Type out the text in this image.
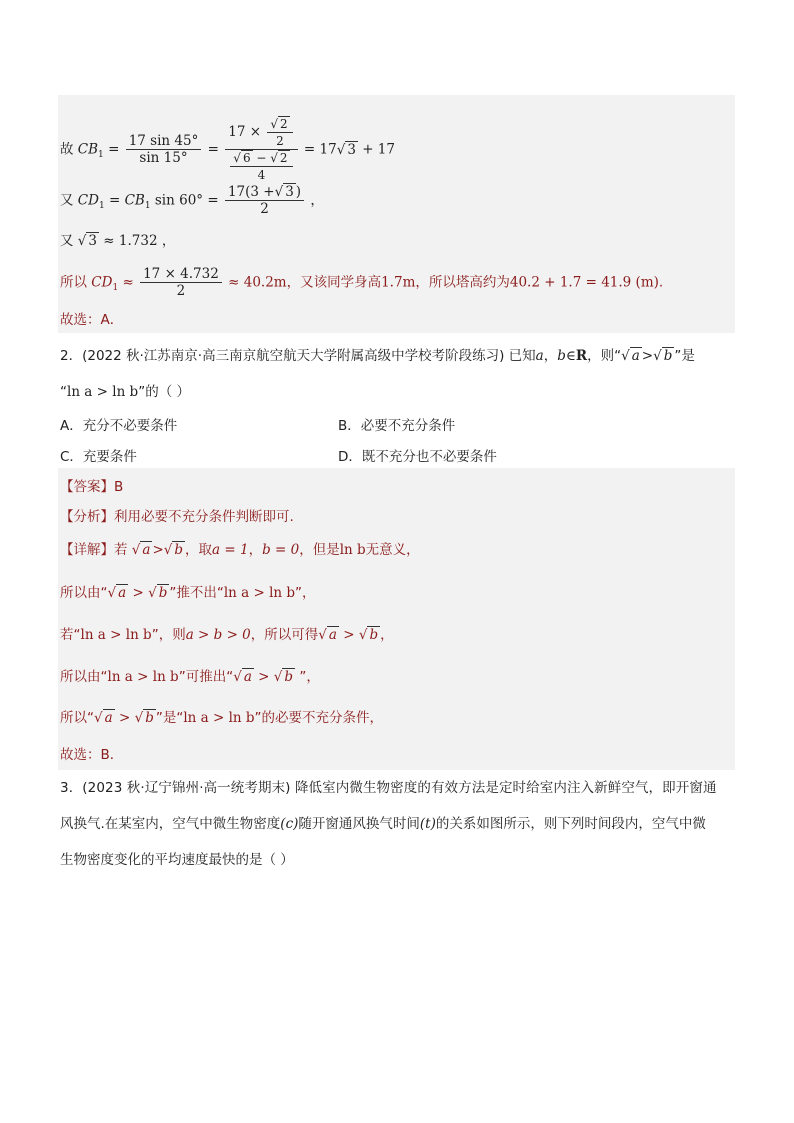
故 $CB_1 = \frac{17 \sin 45^\circ}{\sin 15^\circ} = \frac{17 \times \frac{√ 2}{2}}{\frac{√ 6 - √ 2}{4}} = 17√$ 3 + 17
又 $CD_1 = CB_1$ $\sin 60^\circ = \frac{17(3 +√ 3 )}{2}$ ，
又 √ 3 ≈ 1.732 ，
所以 $CD_1 \approx \frac{17 \times 4.732}{2} \approx 40.2m$，又该同学身高1.7m，所以塔高约为40.2 + 1.7 = 41.9 (m).
故选：A．
2．(2022 秋·江苏南京·高三南京航空航天大学附属高级中学校考阶段练习) 已知a，b∈R，则“√ a >√ b ”是
“ln a > ln b”的（ ）
A．充分不必要条件	B．必要不充分条件
C．充要条件	D．既不充分也不必要条件
【答案】B
【分析】利用必要不充分条件判断即可.
【详解】若 √ a >√ b ，取a = 1，b = 0，但是ln b无意义，
所以由“√ a > √ b ”推不出“ln a > ln b”，
若“ln a > ln b”，则a > b > 0，所以可得√ a > √ b ，
所以由“ln a > ln b”可推出“√ a > √ b ”，
所以“√ a > √ b ”是“ln a > ln b”的必要不充分条件，
故选：B．
3．(2023 秋·辽宁锦州·高一统考期末) 降低室内微生物密度的有效方法是定时给室内注入新鲜空气，即开窗通
风换气.在某室内，空气中微生物密度(c)随开窗通风换气时间(t)的关系如图所示，则下列时间段内，空气中微
生物密度变化的平均速度最快的是（ ）
